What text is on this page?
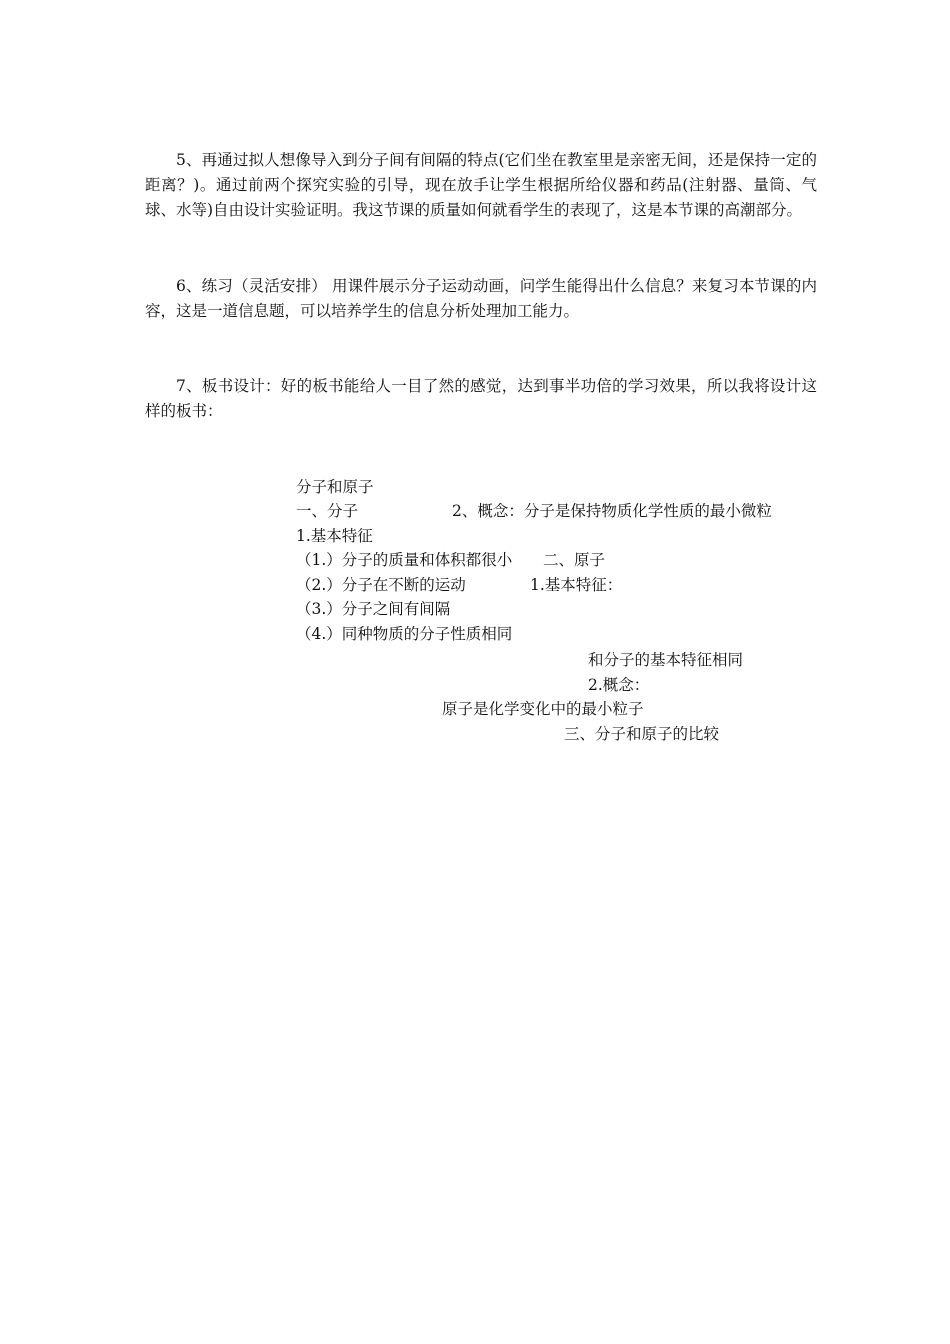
5、再通过拟人想像导入到分子间有间隔的特点(它们坐在教室里是亲密无间，还是保持一定的距离？)。通过前两个探究实验的引导，现在放手让学生根据所给仪器和药品(注射器、量筒、气球、水等)自由设计实验证明。我这节课的质量如何就看学生的表现了，这是本节课的高潮部分。

6、练习（灵活安排） 用课件展示分子运动动画，问学生能得出什么信息？来复习本节课的内容，这是一道信息题，可以培养学生的信息分析处理加工能力。

7、板书设计：好的板书能给人一目了然的感觉，达到事半功倍的学习效果，所以我将设计这样的板书：

分子和原子
一、分子	2、概念：分子是保持物质化学性质的最小微粒
1.基本特征
（1.）分子的质量和体积都很小 二、原子
（2.）分子在不断的运动	1.基本特征：
（3.）分子之间有间隔
（4.）同种物质的分子性质相同
和分子的基本特征相同
2.概念：
原子是化学变化中的最小粒子
三、分子和原子的比较
